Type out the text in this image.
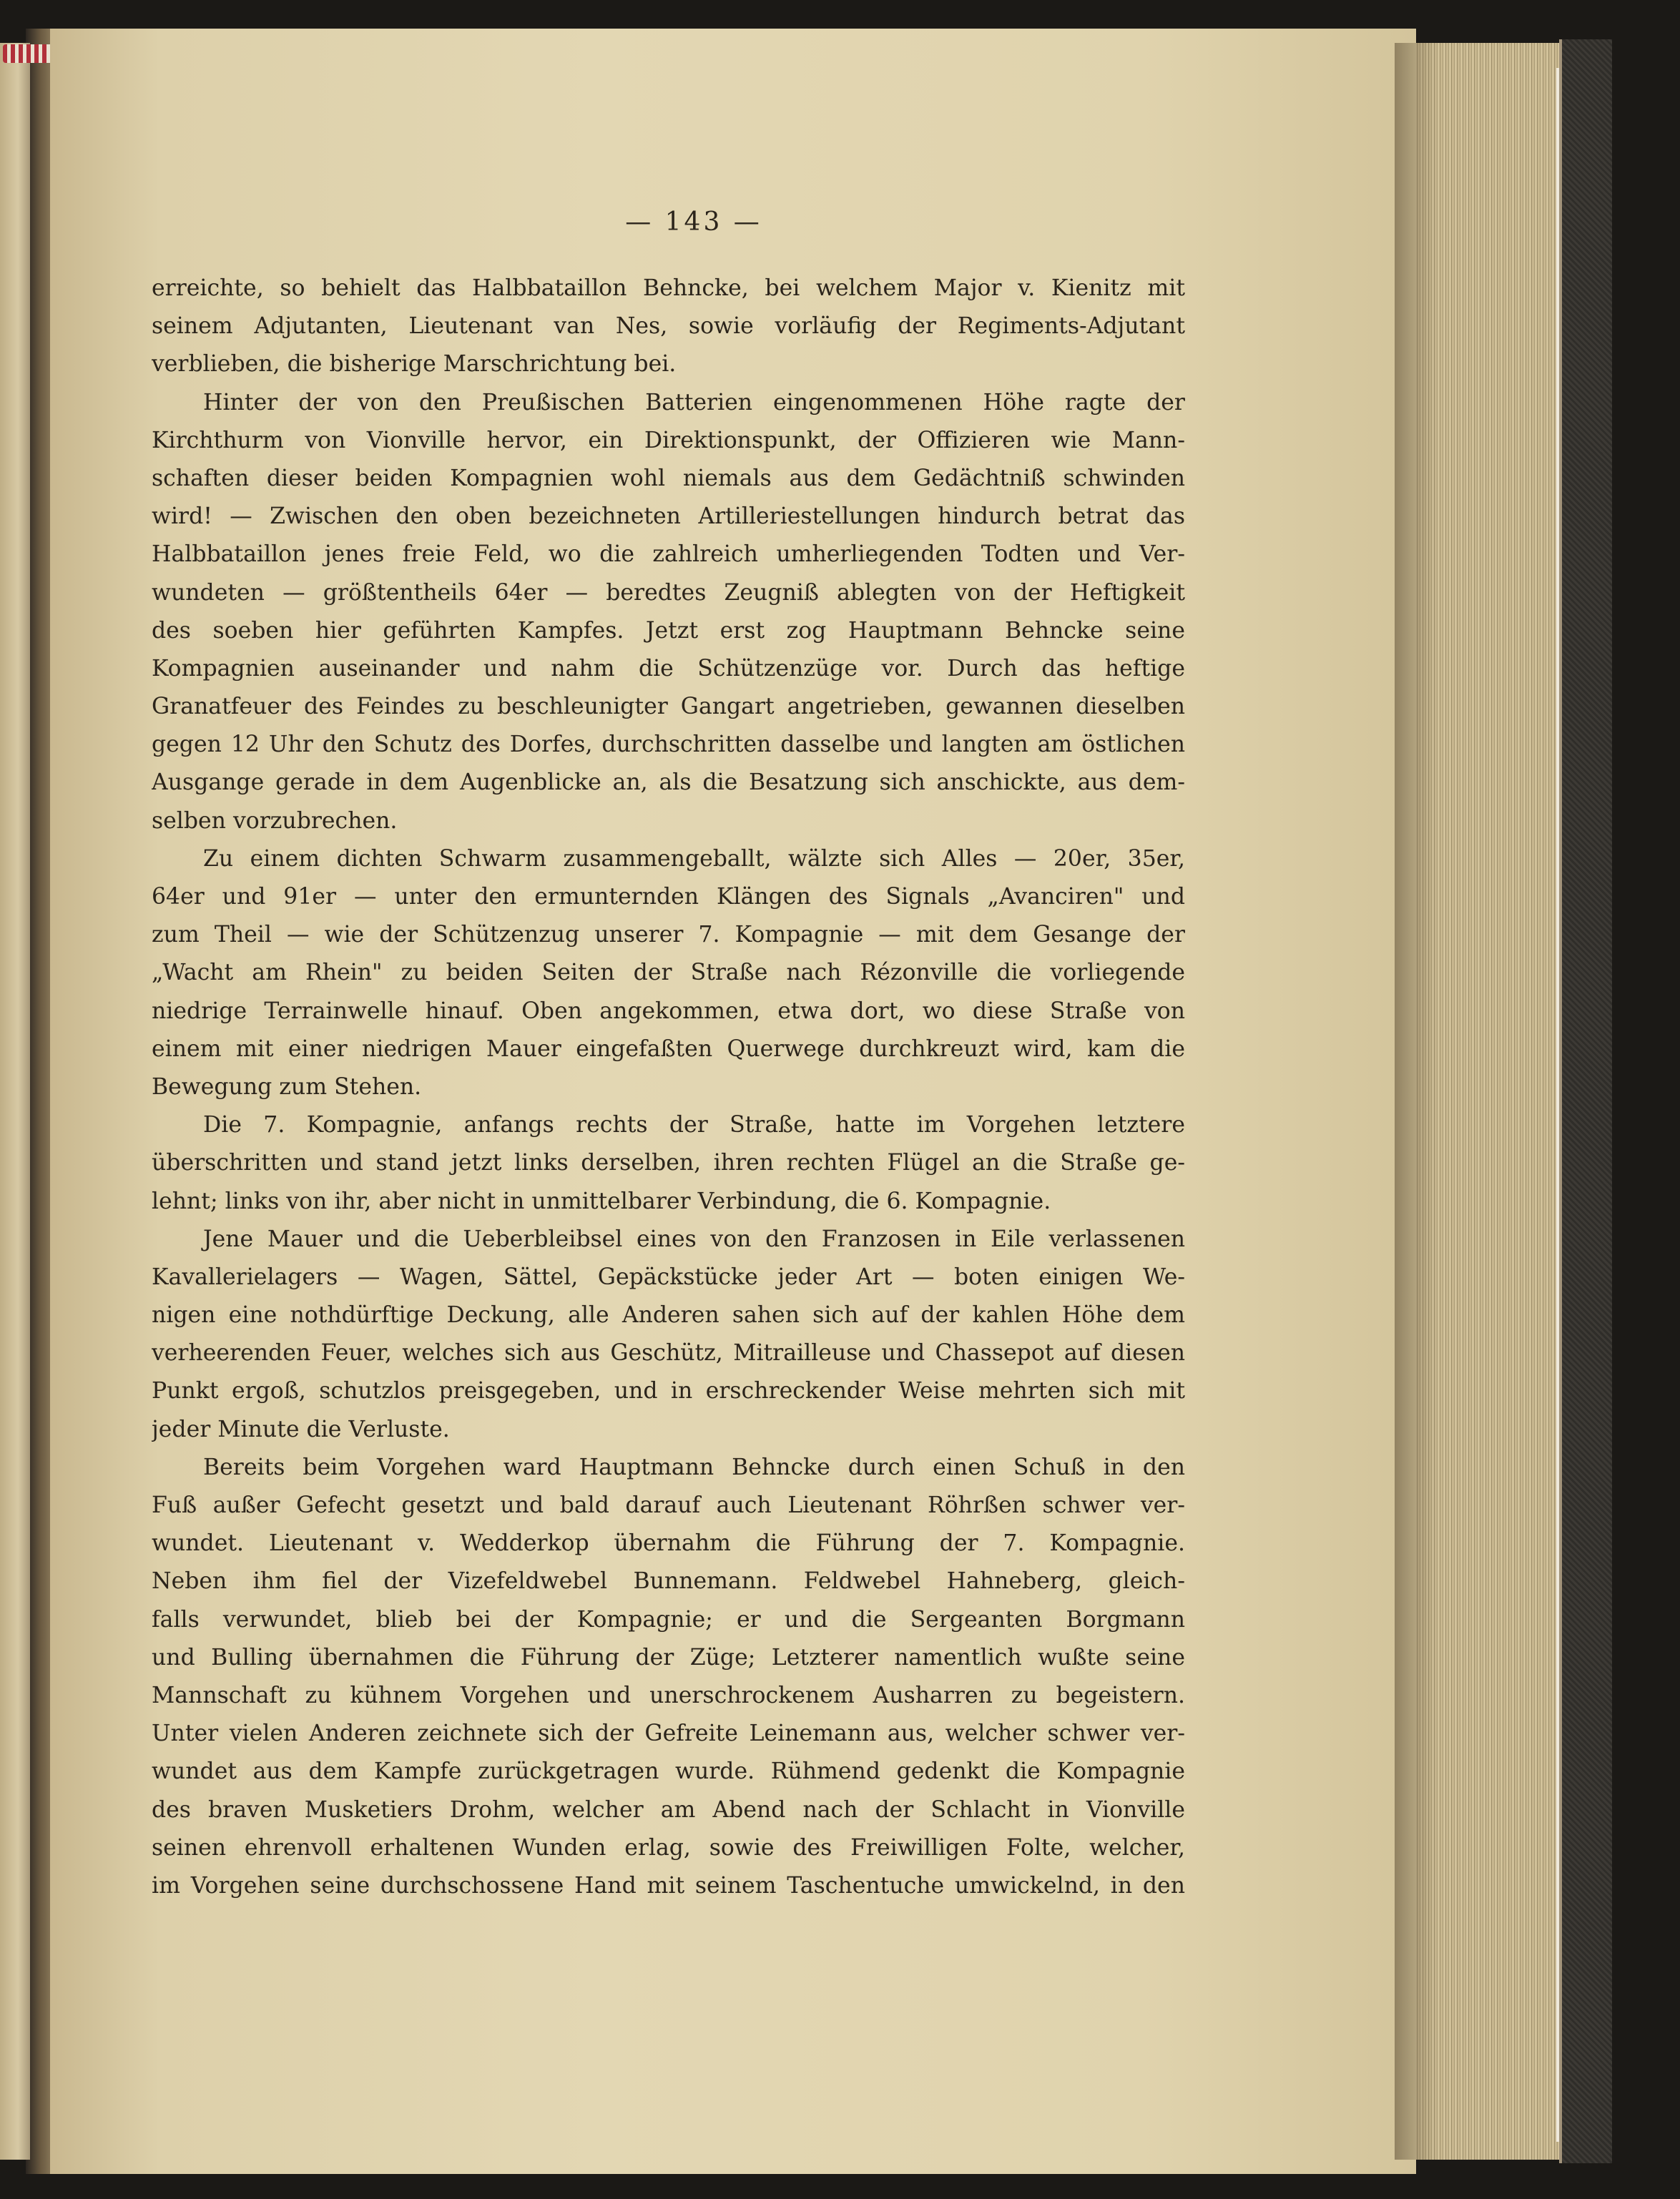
— 143 —
erreichte, so behielt das Halbbataillon Behncke, bei welchem Major v. Kienitz mit
seinem Adjutanten, Lieutenant van Nes, sowie vorläufig der Regiments-Adjutant
verblieben, die bisherige Marschrichtung bei.
Hinter der von den Preußischen Batterien eingenommenen Höhe ragte der
Kirchthurm von Vionville hervor, ein Direktionspunkt, der Offizieren wie Mann-
schaften dieser beiden Kompagnien wohl niemals aus dem Gedächtniß schwinden
wird! — Zwischen den oben bezeichneten Artilleriestellungen hindurch betrat das
Halbbataillon jenes freie Feld, wo die zahlreich umherliegenden Todten und Ver-
wundeten — größtentheils 64er — beredtes Zeugniß ablegten von der Heftigkeit
des soeben hier geführten Kampfes. Jetzt erst zog Hauptmann Behncke seine
Kompagnien auseinander und nahm die Schützenzüge vor. Durch das heftige
Granatfeuer des Feindes zu beschleunigter Gangart angetrieben, gewannen dieselben
gegen 12 Uhr den Schutz des Dorfes, durchschritten dasselbe und langten am östlichen
Ausgange gerade in dem Augenblicke an, als die Besatzung sich anschickte, aus dem-
selben vorzubrechen.
Zu einem dichten Schwarm zusammengeballt, wälzte sich Alles — 20er, 35er,
64er und 91er — unter den ermunternden Klängen des Signals „Avanciren" und
zum Theil — wie der Schützenzug unserer 7. Kompagnie — mit dem Gesange der
„Wacht am Rhein" zu beiden Seiten der Straße nach Rézonville die vorliegende
niedrige Terrainwelle hinauf. Oben angekommen, etwa dort, wo diese Straße von
einem mit einer niedrigen Mauer eingefaßten Querwege durchkreuzt wird, kam die
Bewegung zum Stehen.
Die 7. Kompagnie, anfangs rechts der Straße, hatte im Vorgehen letztere
überschritten und stand jetzt links derselben, ihren rechten Flügel an die Straße ge-
lehnt; links von ihr, aber nicht in unmittelbarer Verbindung, die 6. Kompagnie.
Jene Mauer und die Ueberbleibsel eines von den Franzosen in Eile verlassenen
Kavallerielagers — Wagen, Sättel, Gepäckstücke jeder Art — boten einigen We-
nigen eine nothdürftige Deckung, alle Anderen sahen sich auf der kahlen Höhe dem
verheerenden Feuer, welches sich aus Geschütz, Mitrailleuse und Chassepot auf diesen
Punkt ergoß, schutzlos preisgegeben, und in erschreckender Weise mehrten sich mit
jeder Minute die Verluste.
Bereits beim Vorgehen ward Hauptmann Behncke durch einen Schuß in den
Fuß außer Gefecht gesetzt und bald darauf auch Lieutenant Röhrßen schwer ver-
wundet. Lieutenant v. Wedderkop übernahm die Führung der 7. Kompagnie.
Neben ihm fiel der Vizefeldwebel Bunnemann. Feldwebel Hahneberg, gleich-
falls verwundet, blieb bei der Kompagnie; er und die Sergeanten Borgmann
und Bulling übernahmen die Führung der Züge; Letzterer namentlich wußte seine
Mannschaft zu kühnem Vorgehen und unerschrockenem Ausharren zu begeistern.
Unter vielen Anderen zeichnete sich der Gefreite Leinemann aus, welcher schwer ver-
wundet aus dem Kampfe zurückgetragen wurde. Rühmend gedenkt die Kompagnie
des braven Musketiers Drohm, welcher am Abend nach der Schlacht in Vionville
seinen ehrenvoll erhaltenen Wunden erlag, sowie des Freiwilligen Folte, welcher,
im Vorgehen seine durchschossene Hand mit seinem Taschentuche umwickelnd, in den
